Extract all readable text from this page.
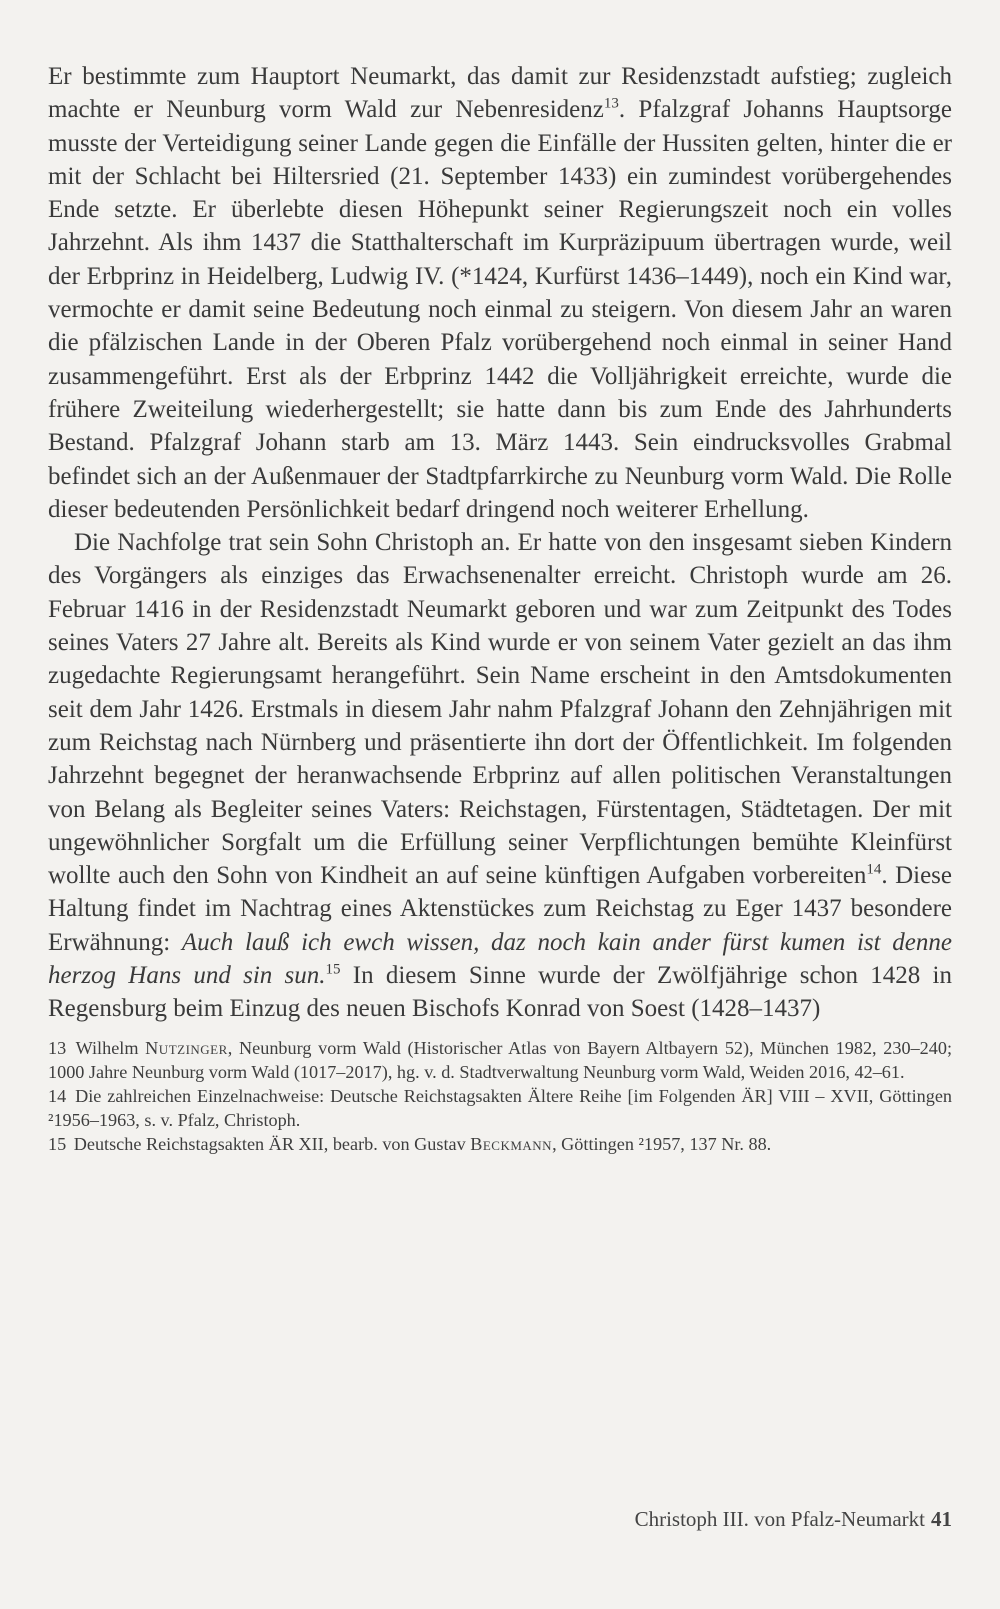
Er bestimmte zum Hauptort Neumarkt, das damit zur Residenzstadt aufstieg; zugleich machte er Neunburg vorm Wald zur Nebenresidenz$^{13}$. Pfalzgraf Johanns Hauptsorge musste der Verteidigung seiner Lande gegen die Einfälle der Hussiten gelten, hinter die er mit der Schlacht bei Hiltersried (21. September 1433) ein zumindest vorübergehendes Ende setzte. Er überlebte diesen Höhepunkt seiner Regierungszeit noch ein volles Jahrzehnt. Als ihm 1437 die Statthalterschaft im Kurpräzipuum übertragen wurde, weil der Erbprinz in Heidelberg, Ludwig IV. (*1424, Kurfürst 1436–1449), noch ein Kind war, vermochte er damit seine Bedeutung noch einmal zu steigern. Von diesem Jahr an waren die pfälzischen Lande in der Oberen Pfalz vorübergehend noch einmal in seiner Hand zusammengeführt. Erst als der Erbprinz 1442 die Volljährigkeit erreichte, wurde die frühere Zweiteilung wiederhergestellt; sie hatte dann bis zum Ende des Jahrhunderts Bestand. Pfalzgraf Johann starb am 13. März 1443. Sein eindrucksvolles Grabmal befindet sich an der Außenmauer der Stadtpfarrkirche zu Neunburg vorm Wald. Die Rolle dieser bedeutenden Persönlichkeit bedarf dringend noch weiterer Erhellung.

Die Nachfolge trat sein Sohn Christoph an. Er hatte von den insgesamt sieben Kindern des Vorgängers als einziges das Erwachsenenalter erreicht. Christoph wurde am 26. Februar 1416 in der Residenzstadt Neumarkt geboren und war zum Zeitpunkt des Todes seines Vaters 27 Jahre alt. Bereits als Kind wurde er von seinem Vater gezielt an das ihm zugedachte Regierungsamt herangeführt. Sein Name erscheint in den Amtsdokumenten seit dem Jahr 1426. Erstmals in diesem Jahr nahm Pfalzgraf Johann den Zehnjährigen mit zum Reichstag nach Nürnberg und präsentierte ihn dort der Öffentlichkeit. Im folgenden Jahrzehnt begegnet der heranwachsende Erbprinz auf allen politischen Veranstaltungen von Belang als Begleiter seines Vaters: Reichstagen, Fürstentagen, Städtetagen. Der mit ungewöhnlicher Sorgfalt um die Erfüllung seiner Verpflichtungen bemühte Kleinfürst wollte auch den Sohn von Kindheit an auf seine künftigen Aufgaben vorbereiten$^{14}$. Diese Haltung findet im Nachtrag eines Aktenstückes zum Reichstag zu Eger 1437 besondere Erwähnung: Auch lauß ich ewch wissen, daz noch kain ander fürst kumen ist denne herzog Hans und sin sun.$^{15}$ In diesem Sinne wurde der Zwölfjährige schon 1428 in Regensburg beim Einzug des neuen Bischofs Konrad von Soest (1428–1437)

13 Wilhelm Nutzinger, Neunburg vorm Wald (Historischer Atlas von Bayern Altbayern 52), München 1982, 230–240; 1000 Jahre Neunburg vorm Wald (1017–2017), hg. v. d. Stadtverwaltung Neunburg vorm Wald, Weiden 2016, 42–61.

14 Die zahlreichen Einzelnachweise: Deutsche Reichstagsakten Ältere Reihe [im Folgenden ÄR] VIII – XVII, Göttingen ²1956–1963, s. v. Pfalz, Christoph.

15 Deutsche Reichstagsakten ÄR XII, bearb. von Gustav Beckmann, Göttingen ²1957, 137 Nr. 88.

Christoph III. von Pfalz-Neumarkt 41
